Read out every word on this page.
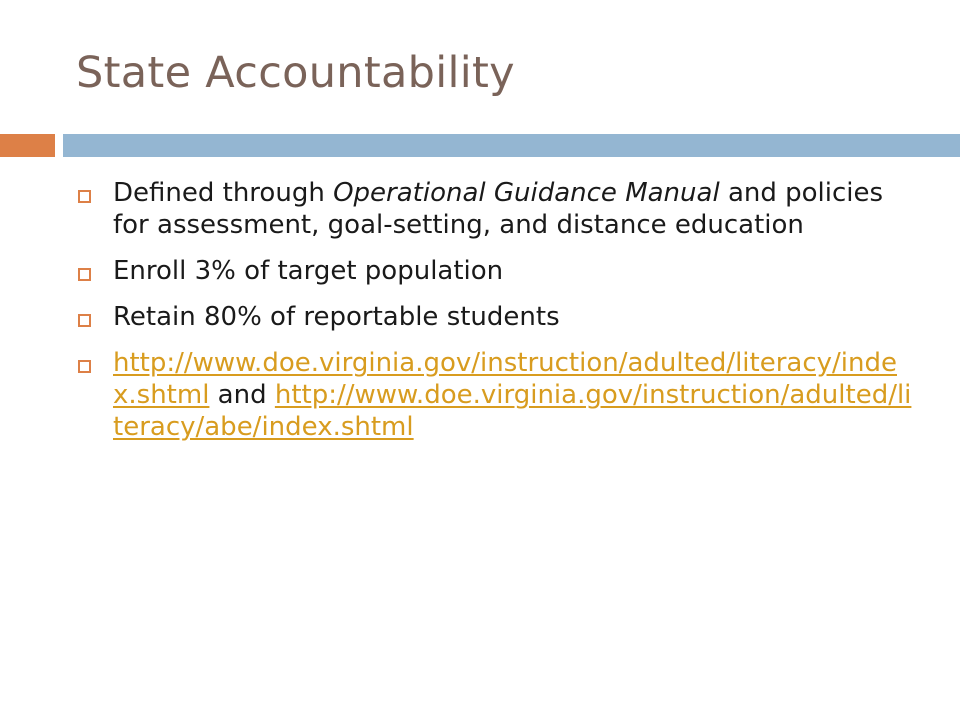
State Accountability
Defined through Operational Guidance Manual and policies for assessment, goal-setting, and distance education
Enroll 3% of target population
Retain 80% of reportable students
http://www.doe.virginia.gov/instruction/adulted/literacy/index.shtml and http://www.doe.virginia.gov/instruction/adulted/literacy/abe/index.shtml
